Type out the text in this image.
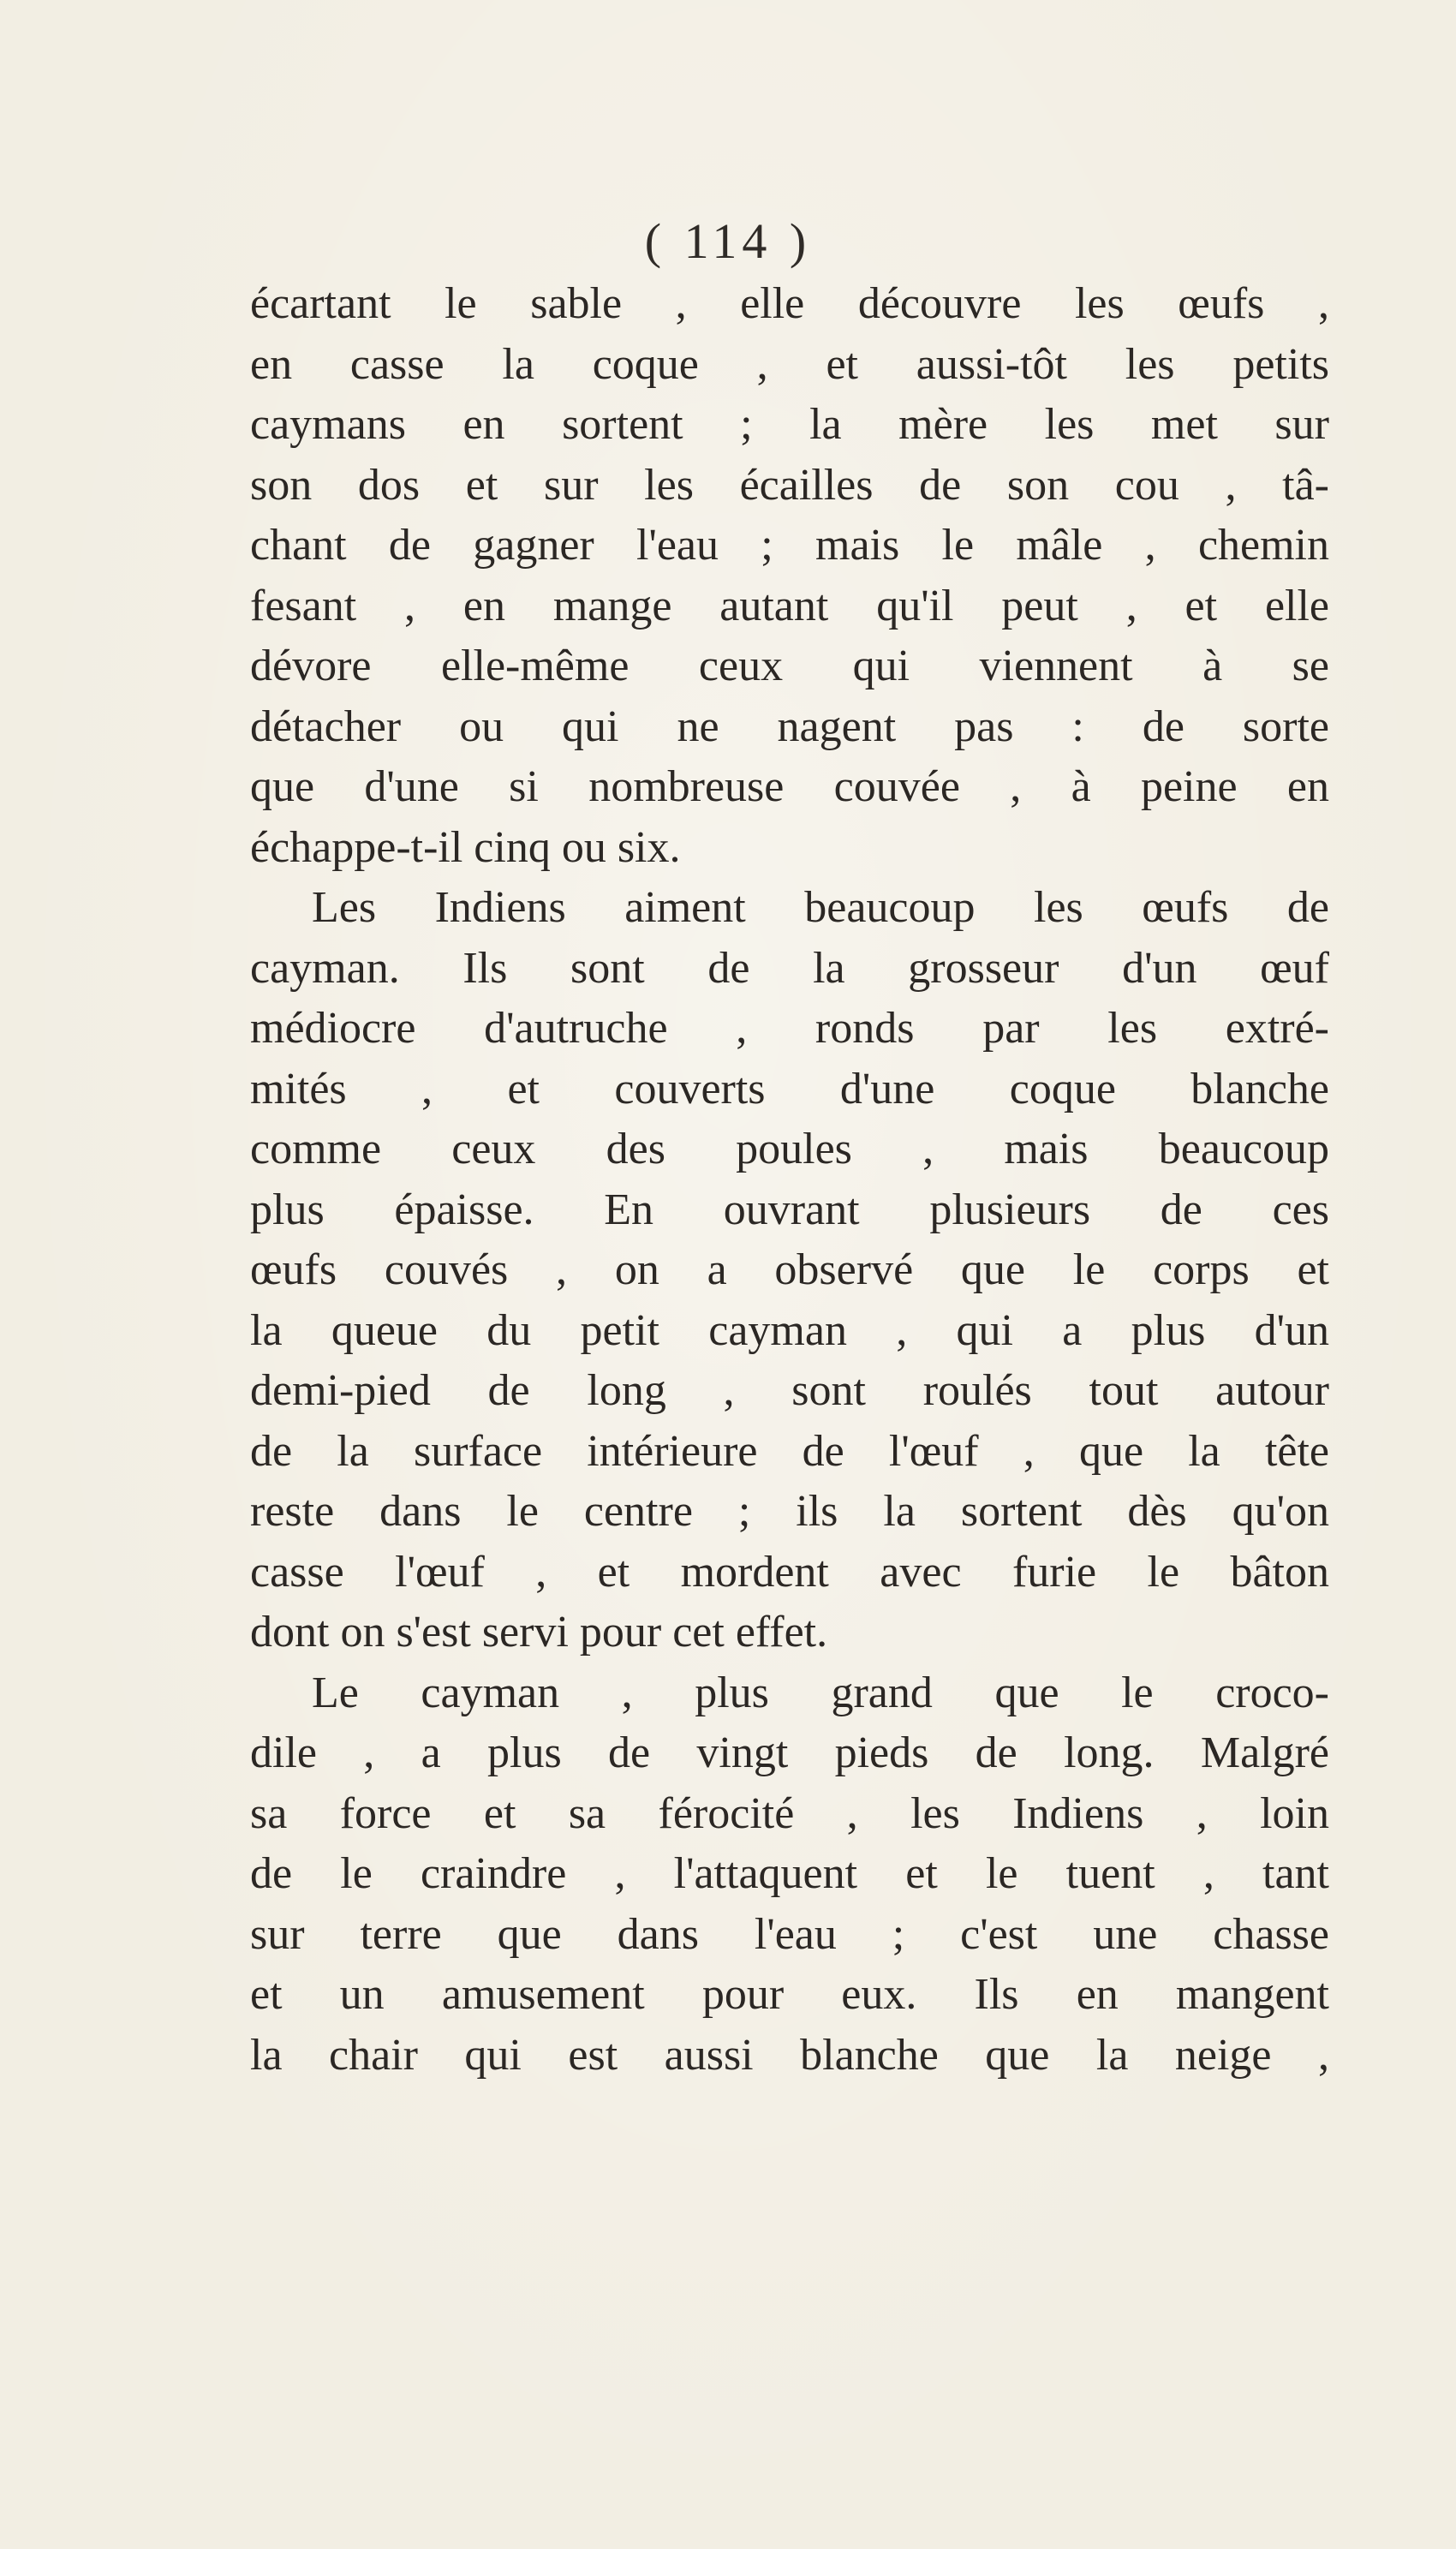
( 114 )
écartant le sable , elle découvre les œufs ,
en casse la coque , et aussi-tôt les petits
caymans en sortent ; la mère les met sur
son dos et sur les écailles de son cou , tâ-
chant de gagner l'eau ; mais le mâle , chemin
fesant , en mange autant qu'il peut , et elle
dévore elle-même ceux qui viennent à se
détacher ou qui ne nagent pas : de sorte
que d'une si nombreuse couvée , à peine en
échappe-t-il cinq ou six.
Les Indiens aiment beaucoup les œufs de
cayman. Ils sont de la grosseur d'un œuf
médiocre d'autruche , ronds par les extré-
mités , et couverts d'une coque blanche
comme ceux des poules , mais beaucoup
plus épaisse. En ouvrant plusieurs de ces
œufs couvés , on a observé que le corps et
la queue du petit cayman , qui a plus d'un
demi-pied de long , sont roulés tout autour
de la surface intérieure de l'œuf , que la tête
reste dans le centre ; ils la sortent dès qu'on
casse l'œuf , et mordent avec furie le bâton
dont on s'est servi pour cet effet.
Le cayman , plus grand que le croco-
dile , a plus de vingt pieds de long. Malgré
sa force et sa férocité , les Indiens , loin
de le craindre , l'attaquent et le tuent , tant
sur terre que dans l'eau ; c'est une chasse
et un amusement pour eux. Ils en mangent
la chair qui est aussi blanche que la neige ,
